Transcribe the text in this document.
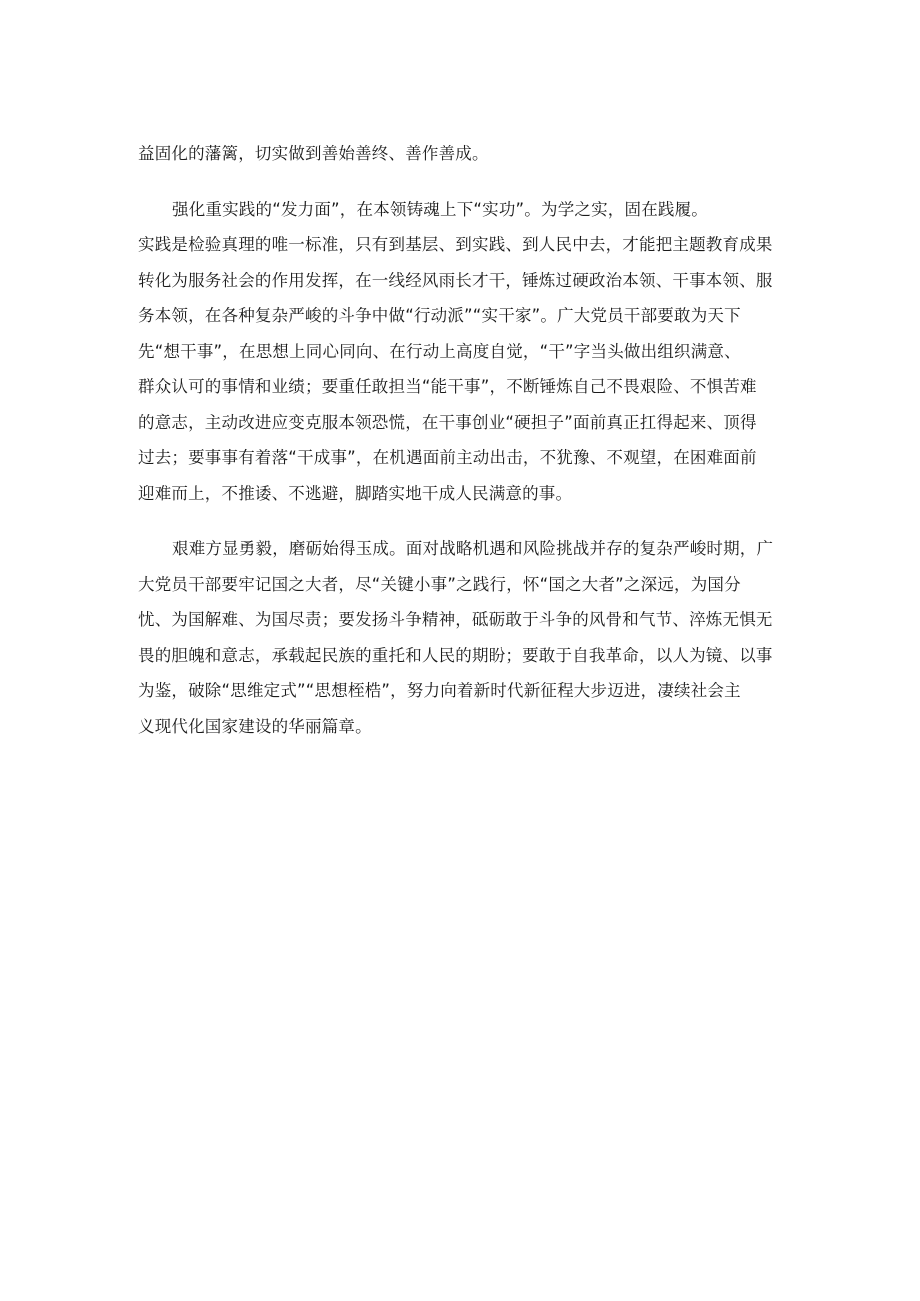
益固化的藩篱，切实做到善始善终、善作善成。

强化重实践的“发力面”，在本领铸魂上下“实功”。为学之实，固在践履。
实践是检验真理的唯一标准，只有到基层、到实践、到人民中去，才能把主题教育成果
转化为服务社会的作用发挥，在一线经风雨长才干，锤炼过硬政治本领、干事本领、服
务本领，在各种复杂严峻的斗争中做“行动派”“实干家”。广大党员干部要敢为天下
先“想干事”，在思想上同心同向、在行动上高度自觉，“干”字当头做出组织满意、
群众认可的事情和业绩；要重任敢担当“能干事”，不断锤炼自己不畏艰险、不惧苦难
的意志，主动改进应变克服本领恐慌，在干事创业“硬担子”面前真正扛得起来、顶得
过去；要事事有着落“干成事”，在机遇面前主动出击，不犹豫、不观望，在困难面前
迎难而上，不推诿、不逃避，脚踏实地干成人民满意的事。

艰难方显勇毅，磨砺始得玉成。面对战略机遇和风险挑战并存的复杂严峻时期，广
大党员干部要牢记国之大者，尽“关键小事”之践行，怀“国之大者”之深远，为国分
忧、为国解难、为国尽责；要发扬斗争精神，砥砺敢于斗争的风骨和气节、淬炼无惧无
畏的胆魄和意志，承载起民族的重托和人民的期盼；要敢于自我革命，以人为镜、以事
为鉴，破除“思维定式”“思想桎梏”，努力向着新时代新征程大步迈进，凄续社会主
义现代化国家建设的华丽篇章。
